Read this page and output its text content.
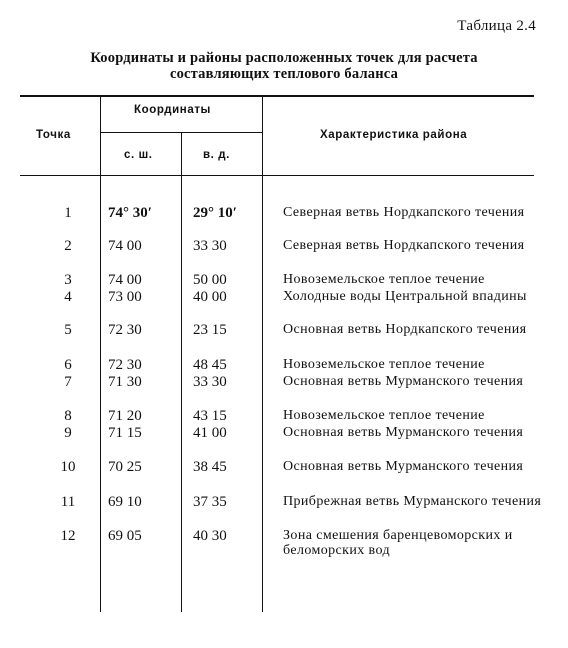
Таблица 2.4
Координаты и районы расположенных точек для расчета
составляющих теплового баланса
Точка
Координаты
с. ш.	в. д.
Характеристика района
1	74° 30′	29° 10′	Северная ветвь Нордкапского течения
2	74 00	33 30	Северная ветвь Нордкапского течения
3	74 00	50 00	Новоземельское теплое течение
4	73 00	40 00	Холодные воды Центральной впадины
5	72 30	23 15	Основная ветвь Нордкапского течения
6	72 30	48 45	Новоземельское теплое течение
7	71 30	33 30	Основная ветвь Мурманского течения
8	71 20	43 15	Новоземельское теплое течение
9	71 15	41 00	Основная ветвь Мурманского течения
10	70 25	38 45	Основная ветвь Мурманского течения
11	69 10	37 35	Прибрежная ветвь Мурманского течения
12	69 05	40 30	Зона смешения баренцевоморских и беломорских вод
